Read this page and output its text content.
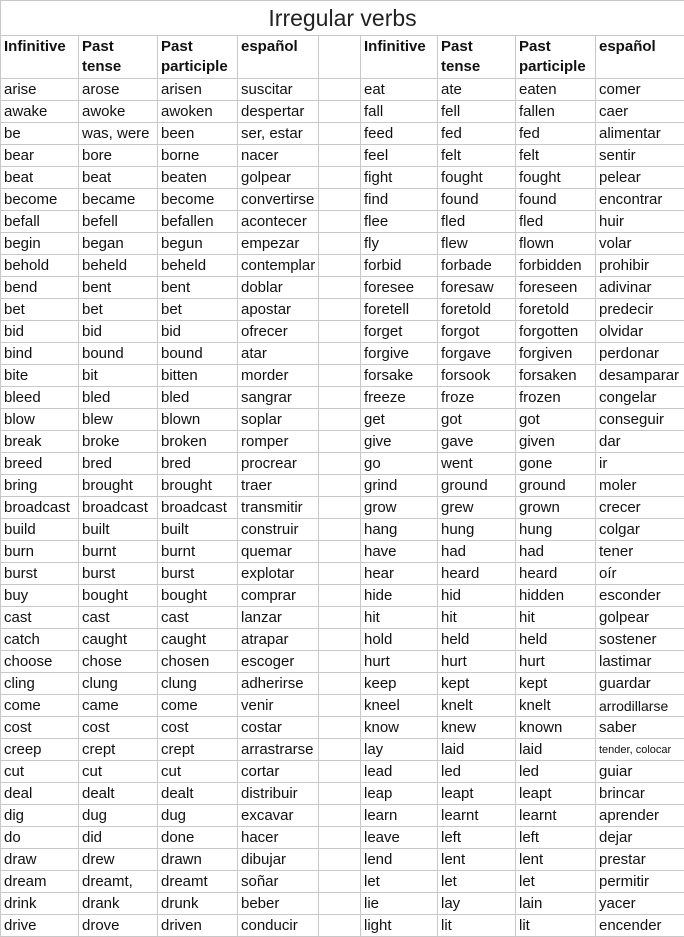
Irregular verbs								
Infinitive	Past tense	Past participle	español		Infinitive	Past tense	Past participle	español
arise	arose	arisen	suscitar		eat	ate	eaten	comer
awake	awoke	awoken	despertar		fall	fell	fallen	caer
be	was, were	been	ser, estar		feed	fed	fed	alimentar
bear	bore	borne	nacer		feel	felt	felt	sentir
beat	beat	beaten	golpear		fight	fought	fought	pelear
become	became	become	convertirse		find	found	found	encontrar
befall	befell	befallen	acontecer		flee	fled	fled	huir
begin	began	begun	empezar		fly	flew	flown	volar
behold	beheld	beheld	contemplar		forbid	forbade	forbidden	prohibir
bend	bent	bent	doblar		foresee	foresaw	foreseen	adivinar
bet	bet	bet	apostar		foretell	foretold	foretold	predecir
bid	bid	bid	ofrecer		forget	forgot	forgotten	olvidar
bind	bound	bound	atar		forgive	forgave	forgiven	perdonar
bite	bit	bitten	morder		forsake	forsook	forsaken	desamparar
bleed	bled	bled	sangrar		freeze	froze	frozen	congelar
blow	blew	blown	soplar		get	got	got	conseguir
break	broke	broken	romper		give	gave	given	dar
breed	bred	bred	procrear		go	went	gone	ir
bring	brought	brought	traer		grind	ground	ground	moler
broadcast	broadcast	broadcast	transmitir		grow	grew	grown	crecer
build	built	built	construir		hang	hung	hung	colgar
burn	burnt	burnt	quemar		have	had	had	tener
burst	burst	burst	explotar		hear	heard	heard	oír
buy	bought	bought	comprar		hide	hid	hidden	esconder
cast	cast	cast	lanzar		hit	hit	hit	golpear
catch	caught	caught	atrapar		hold	held	held	sostener
choose	chose	chosen	escoger		hurt	hurt	hurt	lastimar
cling	clung	clung	adherirse		keep	kept	kept	guardar
come	came	come	venir		kneel	knelt	knelt	arrodillarse
cost	cost	cost	costar		know	knew	known	saber
creep	crept	crept	arrastrarse		lay	laid	laid	tender, colocar
cut	cut	cut	cortar		lead	led	led	guiar
deal	dealt	dealt	distribuir		leap	leapt	leapt	brincar
dig	dug	dug	excavar		learn	learnt	learnt	aprender
do	did	done	hacer		leave	left	left	dejar
draw	drew	drawn	dibujar		lend	lent	lent	prestar
dream	dreamt,	dreamt	soñar		let	let	let	permitir
drink	drank	drunk	beber		lie	lay	lain	yacer
drive	drove	driven	conducir		light	lit	lit	encender
